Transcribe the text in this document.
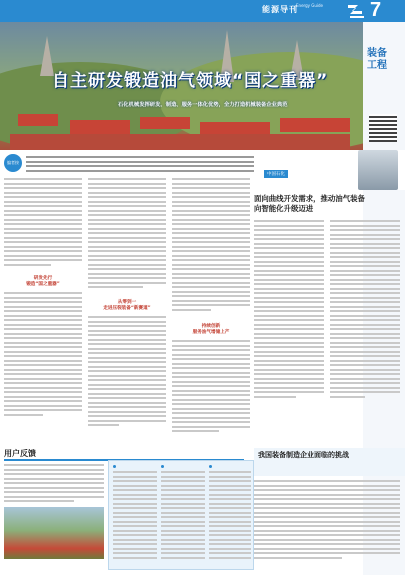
能源导刊
Energy Guide 7
自主研发锻造油气领域“国之重器”
石化机械发挥研发、制造、服务一体化优势，全力打造机械装备企业典范
装备
工程
编者按
研发先行
锻造“国之重器”
从零到一
走进压裂装备“新赛道”
持续创新
服务油气增储上产
中国石化
面向曲线开发需求，推动油气装备向智能化升级迈进
用户反馈	我国装备制造企业面临的挑战
